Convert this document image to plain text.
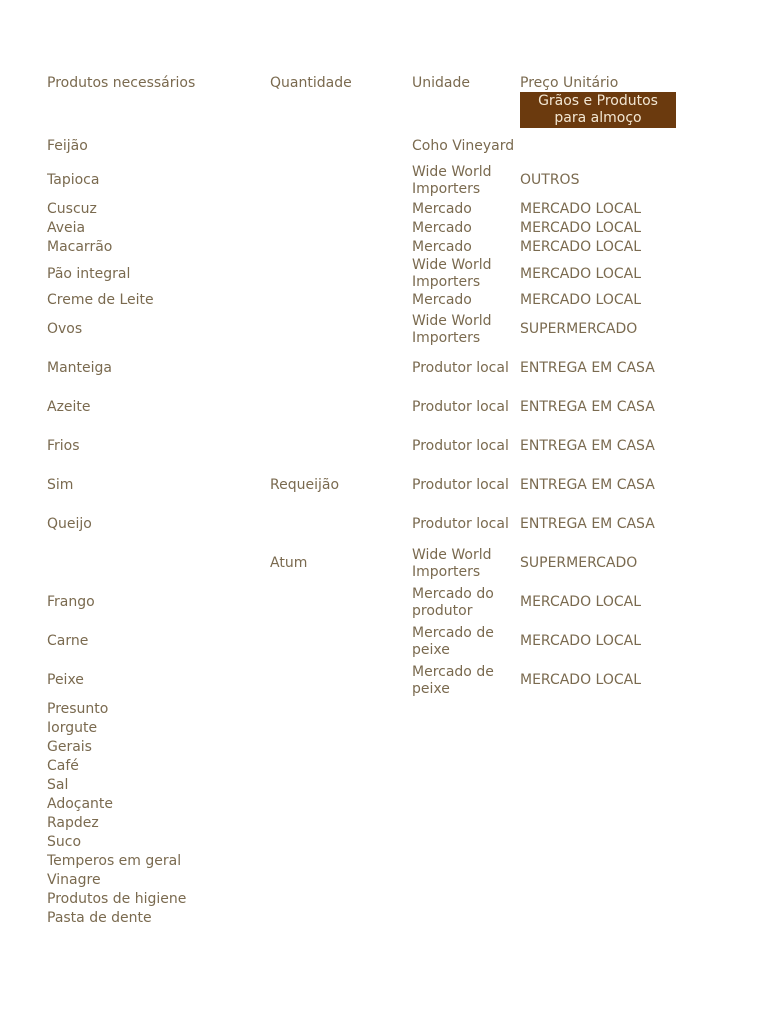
Produtos necessários	Quantidade	Unidade	Preço Unitário

			Grãos e Produtos para almoço

Feijão		Coho Vineyard	
Tapioca		Wide World Importers	OUTROS
Cuscuz		Mercado	MERCADO LOCAL
Aveia		Mercado	MERCADO LOCAL
Macarrão		Mercado	MERCADO LOCAL
Pão integral		Wide World Importers	MERCADO LOCAL
Creme de Leite		Mercado	MERCADO LOCAL
Ovos		Wide World Importers	SUPERMERCADO
Manteiga		Produtor local	ENTREGA EM CASA
Azeite		Produtor local	ENTREGA EM CASA
Frios		Produtor local	ENTREGA EM CASA
Sim	Requeijão	Produtor local	ENTREGA EM CASA
Queijo		Produtor local	ENTREGA EM CASA
	Atum	Wide World Importers	SUPERMERCADO
Frango		Mercado do produtor	MERCADO LOCAL
Carne		Mercado de peixe	MERCADO LOCAL
Peixe		Mercado de peixe	MERCADO LOCAL
Presunto			
Iorgute			
Gerais			
Café			
Sal			
Adoçante			
Rapdez			
Suco			
Temperos em geral			
Vinagre			
Produtos de higiene			
Pasta de dente			
